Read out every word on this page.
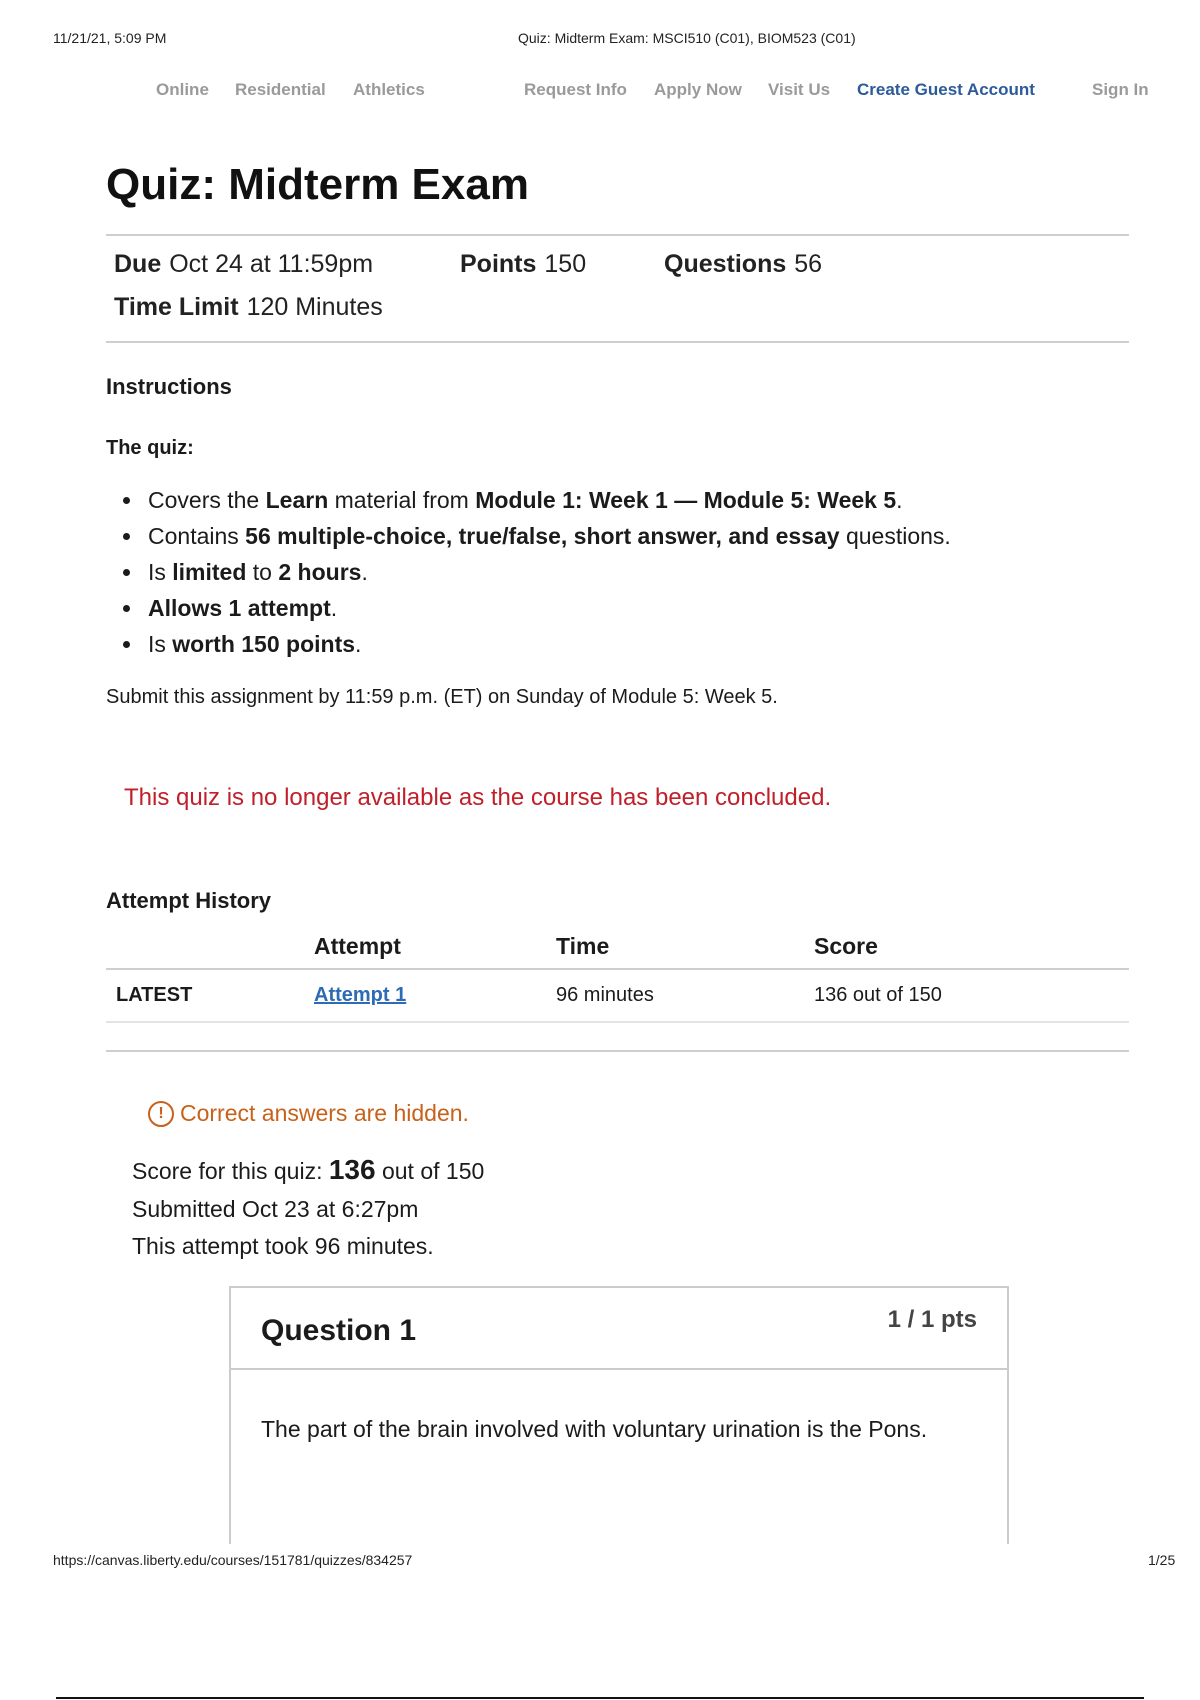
11/21/21, 5:09 PM	Quiz: Midterm Exam: MSCI510 (C01), BIOM523 (C01)
Online Residential Athletics	Request Info Apply Now Visit Us Create Guest Account	Sign In
Quiz: Midterm Exam
Due Oct 24 at 11:59pm	Points 150	Questions 56
Time Limit 120 Minutes
Instructions
The quiz:
• Covers the Learn material from Module 1: Week 1 — Module 5: Week 5.
• Contains 56 multiple-choice, true/false, short answer, and essay questions.
• Is limited to 2 hours.
• Allows 1 attempt.
• Is worth 150 points.
Submit this assignment by 11:59 p.m. (ET) on Sunday of Module 5: Week 5.
This quiz is no longer available as the course has been concluded.
Attempt History
	Attempt	Time	Score
LATEST	Attempt 1	96 minutes	136 out of 150

! Correct answers are hidden.
Score for this quiz: 136 out of 150
Submitted Oct 23 at 6:27pm
This attempt took 96 minutes.
Question 1	1 / 1 pts
The part of the brain involved with voluntary urination is the Pons.
https://canvas.liberty.edu/courses/151781/quizzes/834257	1/25
